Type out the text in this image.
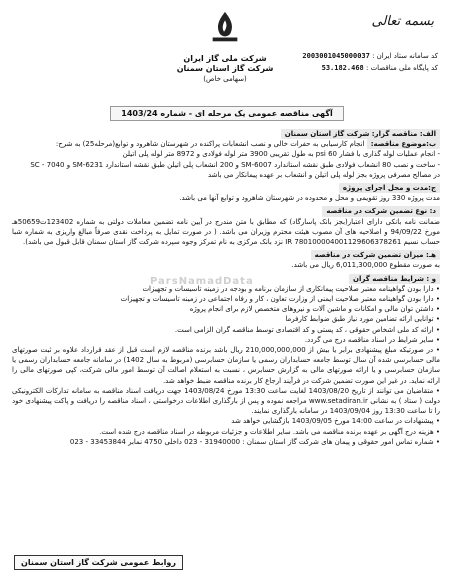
بسمه تعالی
شرکت ملی گاز ایران
شرکت گاز استان سمنان
(سهامی خاص)
کد سامانه ستاد ایران : 2003001045000037
کد پایگاه ملی مناقصات : 53.182.468
آگهی مناقصه عمومی یک مرحله ای - شماره 1403/24
ParsNamadData
الف: مناقصه گزار: شرکت گاز استان سمنان

ب:موضوع مناقصه: انجام کارسیابی به حفرات خالی و نصب انشعابات پراکنده در شهرستان شاهرود و توابع(مرحله25) به شرح:

- انجام عملیات لوله گذاری با فشار 60 psi به طول تقریبی 3900 متر لوله فولادی و 8972 متر لوله پلی اتیلن

- ساخت و نصب 80 انشعاب فولادی طبق نقشه استاندارد SM-6007 و 200 انشعاب پلی اتیلن طبق نقشه استاندارد SM-6231 و SC - 7040

در مصالح مصرفی پروژه بجز لوله پلی اتیلن و انشعاب بر عهده پیمانکار می باشد

ج:مدت و محل اجرای پروژه

مدت پروژه 330 روز تقویمی و محل و محدوده در شهرستان شاهرود و توابع آنها می باشد.

د: نوع تضمین شرکت در مناقصه

ضمانت نامه بانکی دارای اعتبار(بجز بانک پاسارگاد) که مطابق با متن مندرج در آیین نامه تضمین معاملات دولتی به شماره 123402ت50659هـ مورخ 94/09/22 و اصلاحیه های آن مصوب هیئت محترم وزیران می باشد. ( در صورت تمایل به پرداخت نقدی صرفاً مبالغ واریزی به شماره شبا حساب نسیم IR 780100004001129606378261 نزد بانک مرکزی به نام تمرکز وجوه سپرده شرکت گاز استان سمنان قابل قبول می باشد).

هـ: میزان تضمین شرکت در مناقصه

به صورت مقطوع 6,011,300,000 ریال می باشد.

و : شرایط مناقصه گران

• دارا بودن گواهینامه معتبر صلاحیت پیمانکاری از سازمان برنامه و بودجه در زمینه تاسیسات و تجهیزات

• دارا بودن گواهینامه معتبر صلاحیت ایمنی از وزارت تعاون ، کار و رفاه اجتماعی در زمینه تاسیسات و تجهیزات

• داشتن توان مالی و امکانات و ماشین آلات و نیروهای متخصص لازم برای انجام پروژه

• توانایی ارائه تضامین مورد نیاز طبق ضوابط کارفرما

• ارائه کد ملی اشخاص حقوقی ، کد پستی و کد اقتصادی توسط مناقصه گران الزامی است.

• سایر شرایط در اسناد مناقصه درج می گردد.

• در صورتیکه مبلغ پیشنهادی برابر یا بیش از 210,000,000,000 ریال باشد برنده مناقصه لازم است قبل از عقد قرارداد علاوه بر ثبت صورتهای مالی حسابرسی شده آن سال توسط جامعه حسابداران رسمی یا سازمان حسابرسی (مربوط به سال 1402) در سامانه جامعه حسابداران رسمی یا سازمان حسابرسی و یا ارائه صورتهای مالی به گزارش حسابرس ، نسبت به استعلام اصالت آن توسط امور مالی شرکت، کپی صورتهای مالی را ارائه نماید. در غیر این صورت تضمین شرکت در فرآیند ارجاع کار برنده مناقصه ضبط خواهد شد.

• متقاضیان می توانند از تاریخ 1403/08/20 لغایت ساعت 13:30 مورخ 1403/08/24 جهت دریافت اسناد مناقصه به سامانه تدارکات الکترونیکی دولت ( ستاد ) به نشانی www.setadiran.ir مراجعه نموده و پس از بارگذاری اطلاعات درخواستی ، اسناد مناقصه را دریافت و پاکت پیشنهادی خود را تا ساعت 13:30 روز 1403/09/04 در سامانه بارگذاری نمایند.

• پیشنهادات در ساعت 14:00 مورخ 1403/09/05 بازگشایی خواهد شد

• هزینه درج آگهی بر عهده برنده مناقصه می باشد. سایر اطلاعات و جزئیات مربوطه در اسناد مناقصه درج شده است.

• شماره تماس امور حقوقی و پیمان های شرکت گاز استان سمنان : 31940000 - 023 داخلی 4750 نمابر 33453844 - 023

روابط عمومی شرکت گاز استان سمنان
